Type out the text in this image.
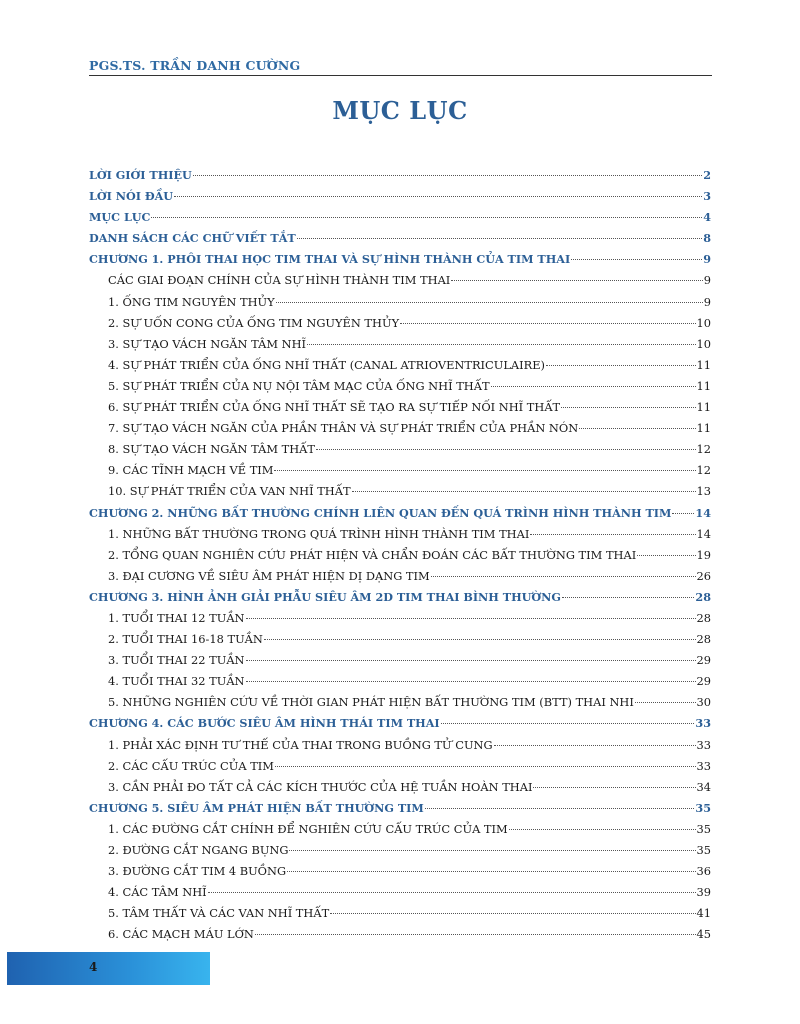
PGS.TS. TRẦN DANH CƯỜNG
MỤC LỤC
LỜI GIỚI THIỆU	2
LỜI NÓI ĐẦU	3
MỤC LỤC	4
DANH SÁCH CÁC CHỮ VIẾT TẮT	8
CHƯƠNG 1. PHÔI THAI HỌC TIM THAI VÀ SỰ HÌNH THÀNH CỦA TIM THAI	9
CÁC GIAI ĐOẠN CHÍNH CỦA SỰ HÌNH THÀNH TIM THAI	9
1. ỐNG TIM NGUYÊN THỦY	9
2. SỰ UỐN CONG CỦA ỐNG TIM NGUYÊN THỦY	10
3. SỰ TẠO VÁCH NGĂN TÂM NHĨ	10
4. SỰ PHÁT TRIỂN CỦA ỐNG NHĨ THẤT (CANAL ATRIOVENTRICULAIRE)	11
5. SỰ PHÁT TRIỂN CỦA NỤ NỘI TÂM MẠC CỦA ỐNG NHĨ THẤT	11
6. SỰ PHÁT TRIỂN CỦA ỐNG NHĨ THẤT SẼ TẠO RA SỰ TIẾP NỐI NHĨ THẤT	11
7. SỰ TẠO VÁCH NGĂN CỦA PHẦN THÂN VÀ SỰ PHÁT TRIỂN CỦA PHẦN NÓN	11
8. SỰ TẠO VÁCH NGĂN TÂM THẤT	12
9. CÁC TĨNH MẠCH VỀ TIM	12
10. SỰ PHÁT TRIỂN CỦA VAN NHĨ THẤT	13
CHƯƠNG 2. NHỮNG BẤT THƯỜNG CHÍNH LIÊN QUAN ĐẾN QUÁ TRÌNH HÌNH THÀNH TIM 14
1. NHỮNG BẤT THƯỜNG TRONG QUÁ TRÌNH HÌNH THÀNH TIM THAI	14
2. TỔNG QUAN NGHIÊN CỨU PHÁT HIỆN VÀ CHẨN ĐOÁN CÁC BẤT THƯỜNG TIM THAI	19
3. ĐẠI CƯƠNG VỀ SIÊU ÂM PHÁT HIỆN DỊ DẠNG TIM	26
CHƯƠNG 3. HÌNH ẢNH GIẢI PHẪU SIÊU ÂM 2D TIM THAI BÌNH THƯỜNG	28
1. TUỔI THAI 12 TUẦN	28
2. TUỔI THAI 16-18 TUẦN	28
3. TUỔI THAI 22 TUẦN	29
4. TUỔI THAI 32 TUẦN	29
5. NHỮNG NGHIÊN CỨU VỀ THỜI GIAN PHÁT HIỆN BẤT THƯỜNG TIM (BTT) THAI NHI	30
CHƯƠNG 4. CÁC BƯỚC SIÊU ÂM HÌNH THÁI TIM THAI	33
1. PHẢI XÁC ĐỊNH TƯ THẾ CỦA THAI TRONG BUỒNG TỬ CUNG	33
2. CÁC CẤU TRÚC CỦA TIM	33
3. CẦN PHẢI ĐO TẤT CẢ CÁC KÍCH THƯỚC CỦA HỆ TUẦN HOÀN THAI	34
CHƯƠNG 5. SIÊU ÂM PHÁT HIỆN BẤT THƯỜNG TIM	35
1. CÁC ĐƯỜNG CẮT CHÍNH ĐỂ NGHIÊN CỨU CẤU TRÚC CỦA TIM	35
2. ĐƯỜNG CẮT NGANG BỤNG	35
3. ĐƯỜNG CẮT TIM 4 BUỒNG	36
4. CÁC TÂM NHĨ	39
5. TÂM THẤT VÀ CÁC VAN NHĨ THẤT	41
6. CÁC MẠCH MÁU LỚN	45
4
